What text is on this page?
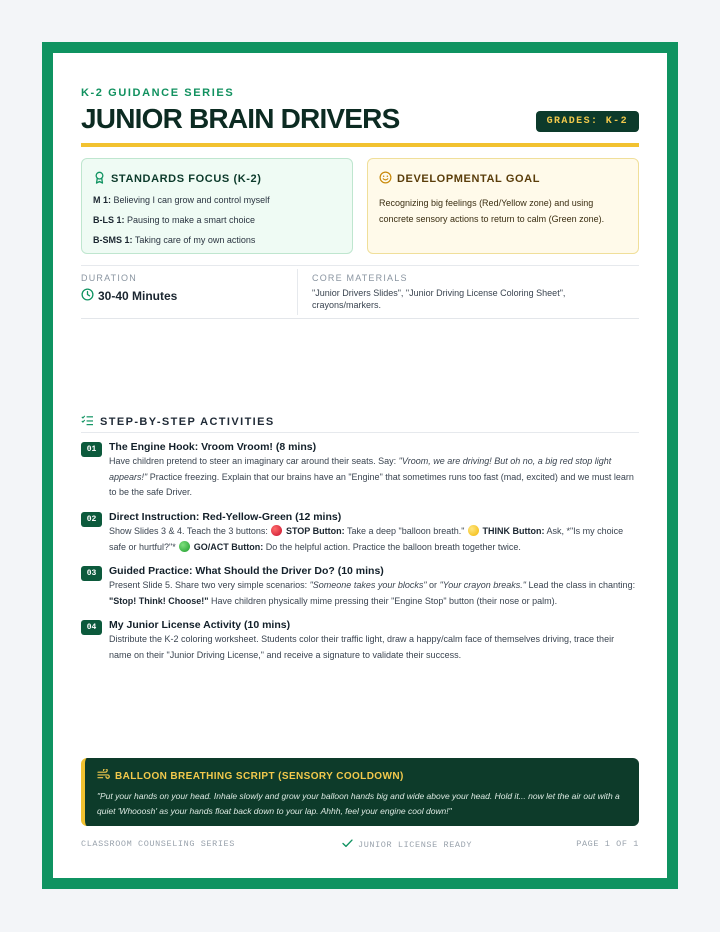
K-2 GUIDANCE SERIES
JUNIOR BRAIN DRIVERS	GRADES: K-2
STANDARDS FOCUS (K-2)
M 1: Believing I can grow and control myself
B-LS 1: Pausing to make a smart choice
B-SMS 1: Taking care of my own actions
DEVELOPMENTAL GOAL
Recognizing big feelings (Red/Yellow zone) and using concrete sensory actions to return to calm (Green zone).
DURATION
30-40 Minutes
CORE MATERIALS
"Junior Drivers Slides", "Junior Driving License Coloring Sheet", crayons/markers.
STEP-BY-STEP ACTIVITIES
01	The Engine Hook: Vroom Vroom! (8 mins)
Have children pretend to steer an imaginary car around their seats. Say: "Vroom, we are driving! But oh no, a big red stop light appears!" Practice freezing. Explain that our brains have an "Engine" that sometimes runs too fast (mad, excited) and we must learn to be the safe Driver.
02	Direct Instruction: Red-Yellow-Green (12 mins)
Show Slides 3 & 4. Teach the 3 buttons:  STOP Button: Take a deep "balloon breath."  THINK Button: Ask, *"Is my choice safe or hurtful?"*  GO/ACT Button: Do the helpful action. Practice the balloon breath together twice.
03	Guided Practice: What Should the Driver Do? (10 mins)
Present Slide 5. Share two very simple scenarios: "Someone takes your blocks" or "Your crayon breaks." Lead the class in chanting: "Stop! Think! Choose!" Have children physically mime pressing their "Engine Stop" button (their nose or palm).
04	My Junior License Activity (10 mins)
Distribute the K-2 coloring worksheet. Students color their traffic light, draw a happy/calm face of themselves driving, trace their name on their "Junior Driving License," and receive a signature to validate their success.
BALLOON BREATHING SCRIPT (SENSORY COOLDOWN)
"Put your hands on your head. Inhale slowly and grow your balloon hands big and wide above your head. Hold it... now let the air out with a quiet 'Whooosh' as your hands float back down to your lap. Ahhh, feel your engine cool down!"
CLASSROOM COUNSELING SERIES	JUNIOR LICENSE READY	PAGE 1 OF 1
